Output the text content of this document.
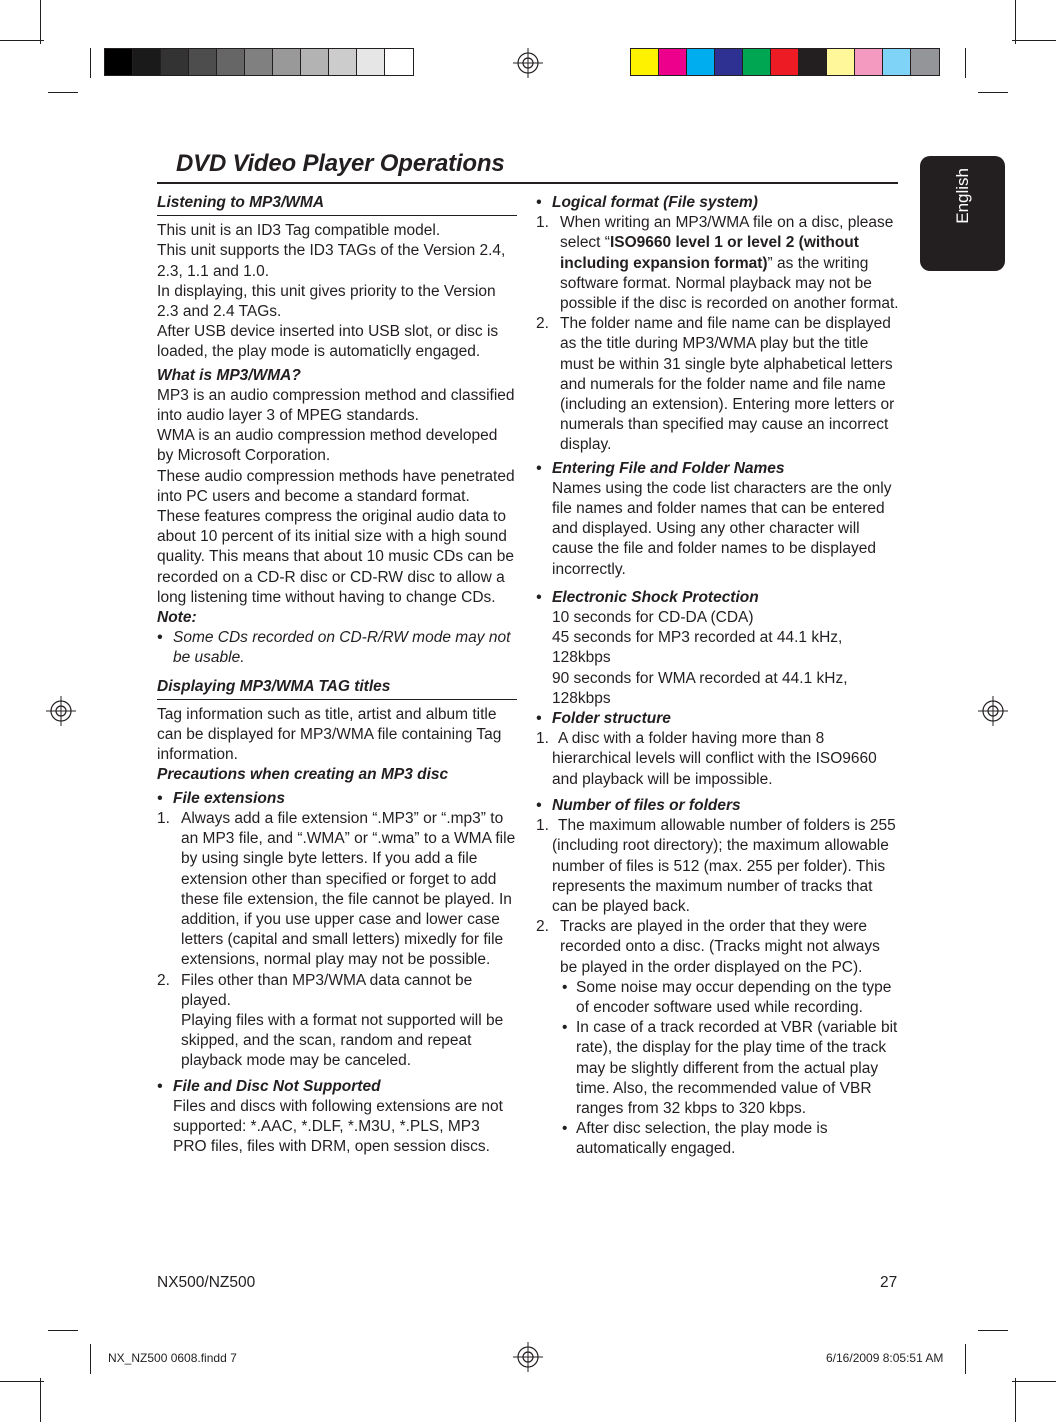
DVD Video Player Operations
English
Listening to MP3/WMA

This unit is an ID3 Tag compatible model.

This unit supports the ID3 TAGs of the Version 2.4, 2.3, 1.1 and 1.0.

In displaying, this unit gives priority to the Version 2.3 and 2.4 TAGs.

After USB device inserted into USB slot, or disc is loaded, the play mode is automaticlly engaged.

What is MP3/WMA?

MP3 is an audio compression method and classified into audio layer 3 of MPEG standards.

WMA is an audio compression method developed by Microsoft Corporation.

These audio compression methods have penetrated into PC users and become a standard format.

These features compress the original audio data to about 10 percent of its initial size with a high sound quality. This means that about 10 music CDs can be recorded on a CD-R disc or CD-RW disc to allow a long listening time without having to change CDs.

Note:
• Some CDs recorded on CD-R/RW mode may not be usable.
Displaying MP3/WMA TAG titles

Tag information such as title, artist and album title can be displayed for MP3/WMA file containing Tag information.

Precautions when creating an MP3 disc
• File extensions
1. Always add a file extension “.MP3” or “.mp3” to an MP3 file, and “.WMA” or “.wma” to a WMA file by using single byte letters. If you add a file extension other than specified or forget to add these file extension, the file cannot be played. In addition, if you use upper case and lower case letters (capital and small letters) mixedly for file extensions, normal play may not be possible.
2. Files other than MP3/WMA data cannot be played.

Playing files with a format not supported will be skipped, and the scan, random and repeat playback mode may be canceled.

• File and Disc Not Supported

Files and discs with following extensions are not supported: *.AAC, *.DLF, *.M3U, *.PLS, MP3 PRO files, files with DRM, open session discs.

• Logical format (File system)
1. When writing an MP3/WMA file on a disc, please select “ISO9660 level 1 or level 2 (without including expansion format)” as the writing software format. Normal playback may not be possible if the disc is recorded on another format.
2. The folder name and file name can be displayed as the title during MP3/WMA play but the title must be within 31 single byte alphabetical letters and numerals for the folder name and file name (including an extension). Entering more letters or numerals than specified may cause an incorrect display.
• Entering File and Folder Names

Names using the code list characters are the only file names and folder names that can be entered and displayed. Using any other character will cause the file and folder names to be displayed incorrectly.

• Electronic Shock Protection

10 seconds for CD-DA (CDA)

45 seconds for MP3 recorded at 44.1 kHz, 128kbps

90 seconds for WMA recorded at 44.1 kHz, 128kbps

• Folder structure
1. A disc with a folder having more than 8 hierarchical levels will conflict with the ISO9660 and playback will be impossible.
• Number of files or folders
1. The maximum allowable number of folders is 255 (including root directory); the maximum allowable number of files is 512 (max. 255 per folder). This represents the maximum number of tracks that can be played back.
2. Tracks are played in the order that they were recorded onto a disc. (Tracks might not always be played in the order displayed on the PC).
• Some noise may occur depending on the type of encoder software used while recording.
• In case of a track recorded at VBR (variable bit rate), the display for the play time of the track may be slightly different from the actual play time. Also, the recommended value of VBR ranges from 32 kbps to 320 kbps.
• After disc selection, the play mode is automatically engaged.
NX500/NZ500	27
NX_NZ500 0608.findd 7	6/16/2009 8:05:51 AM
